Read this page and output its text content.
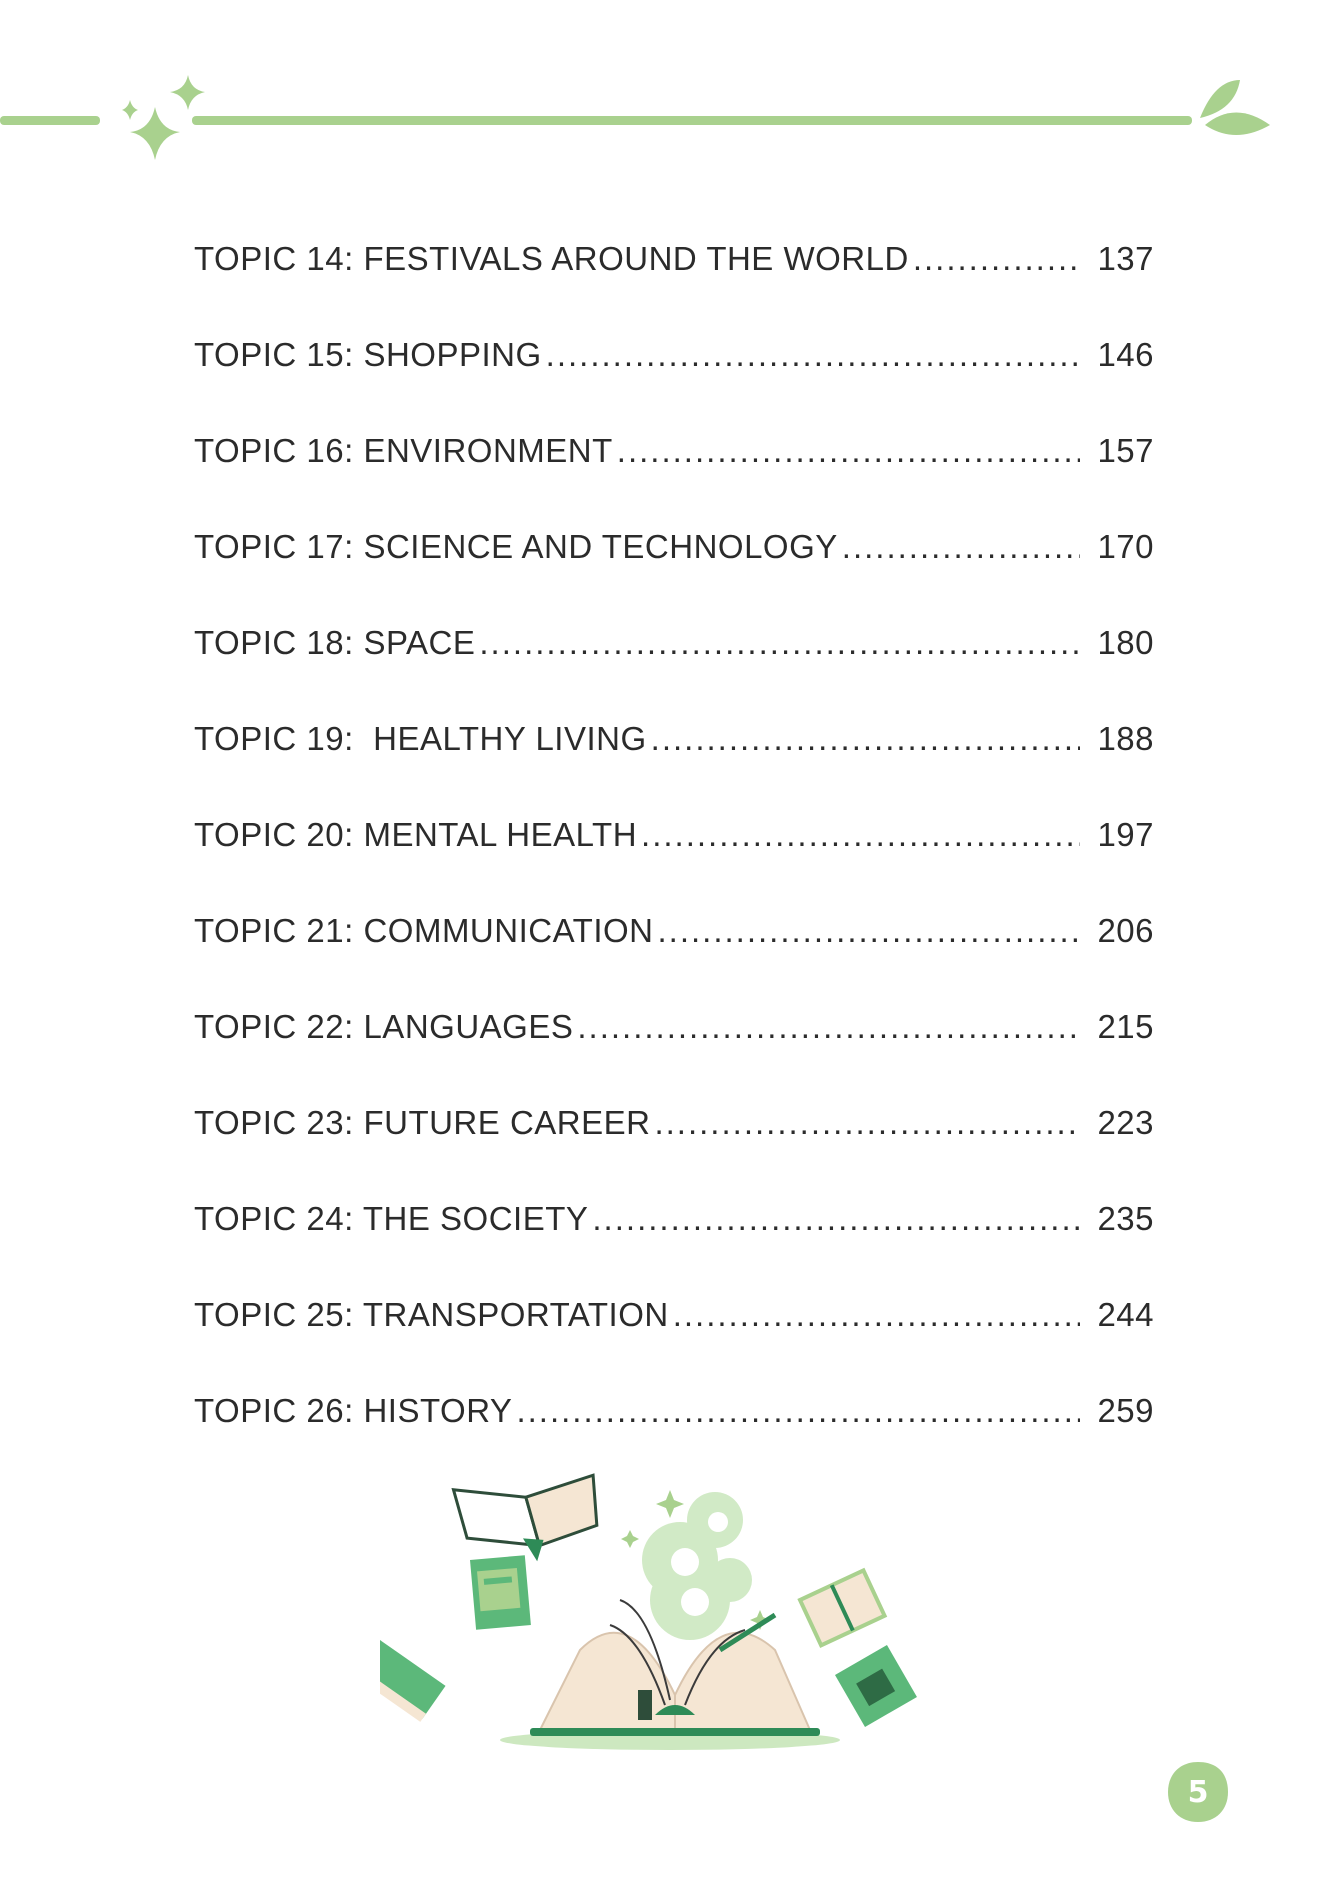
TOPIC 14: FESTIVALS AROUND THE WORLD .....	137
TOPIC 15: SHOPPING .....	146
TOPIC 16: ENVIRONMENT .....	157
TOPIC 17: SCIENCE AND TECHNOLOGY .....	170
TOPIC 18: SPACE .....	180
TOPIC 19:  HEALTHY LIVING .....	188
TOPIC 20: MENTAL HEALTH .....	197
TOPIC 21: COMMUNICATION .....	206
TOPIC 22: LANGUAGES .....	215
TOPIC 23: FUTURE CAREER .....	223
TOPIC 24: THE SOCIETY .....	235
TOPIC 25: TRANSPORTATION .....	244
TOPIC 26: HISTORY .....	259
5
